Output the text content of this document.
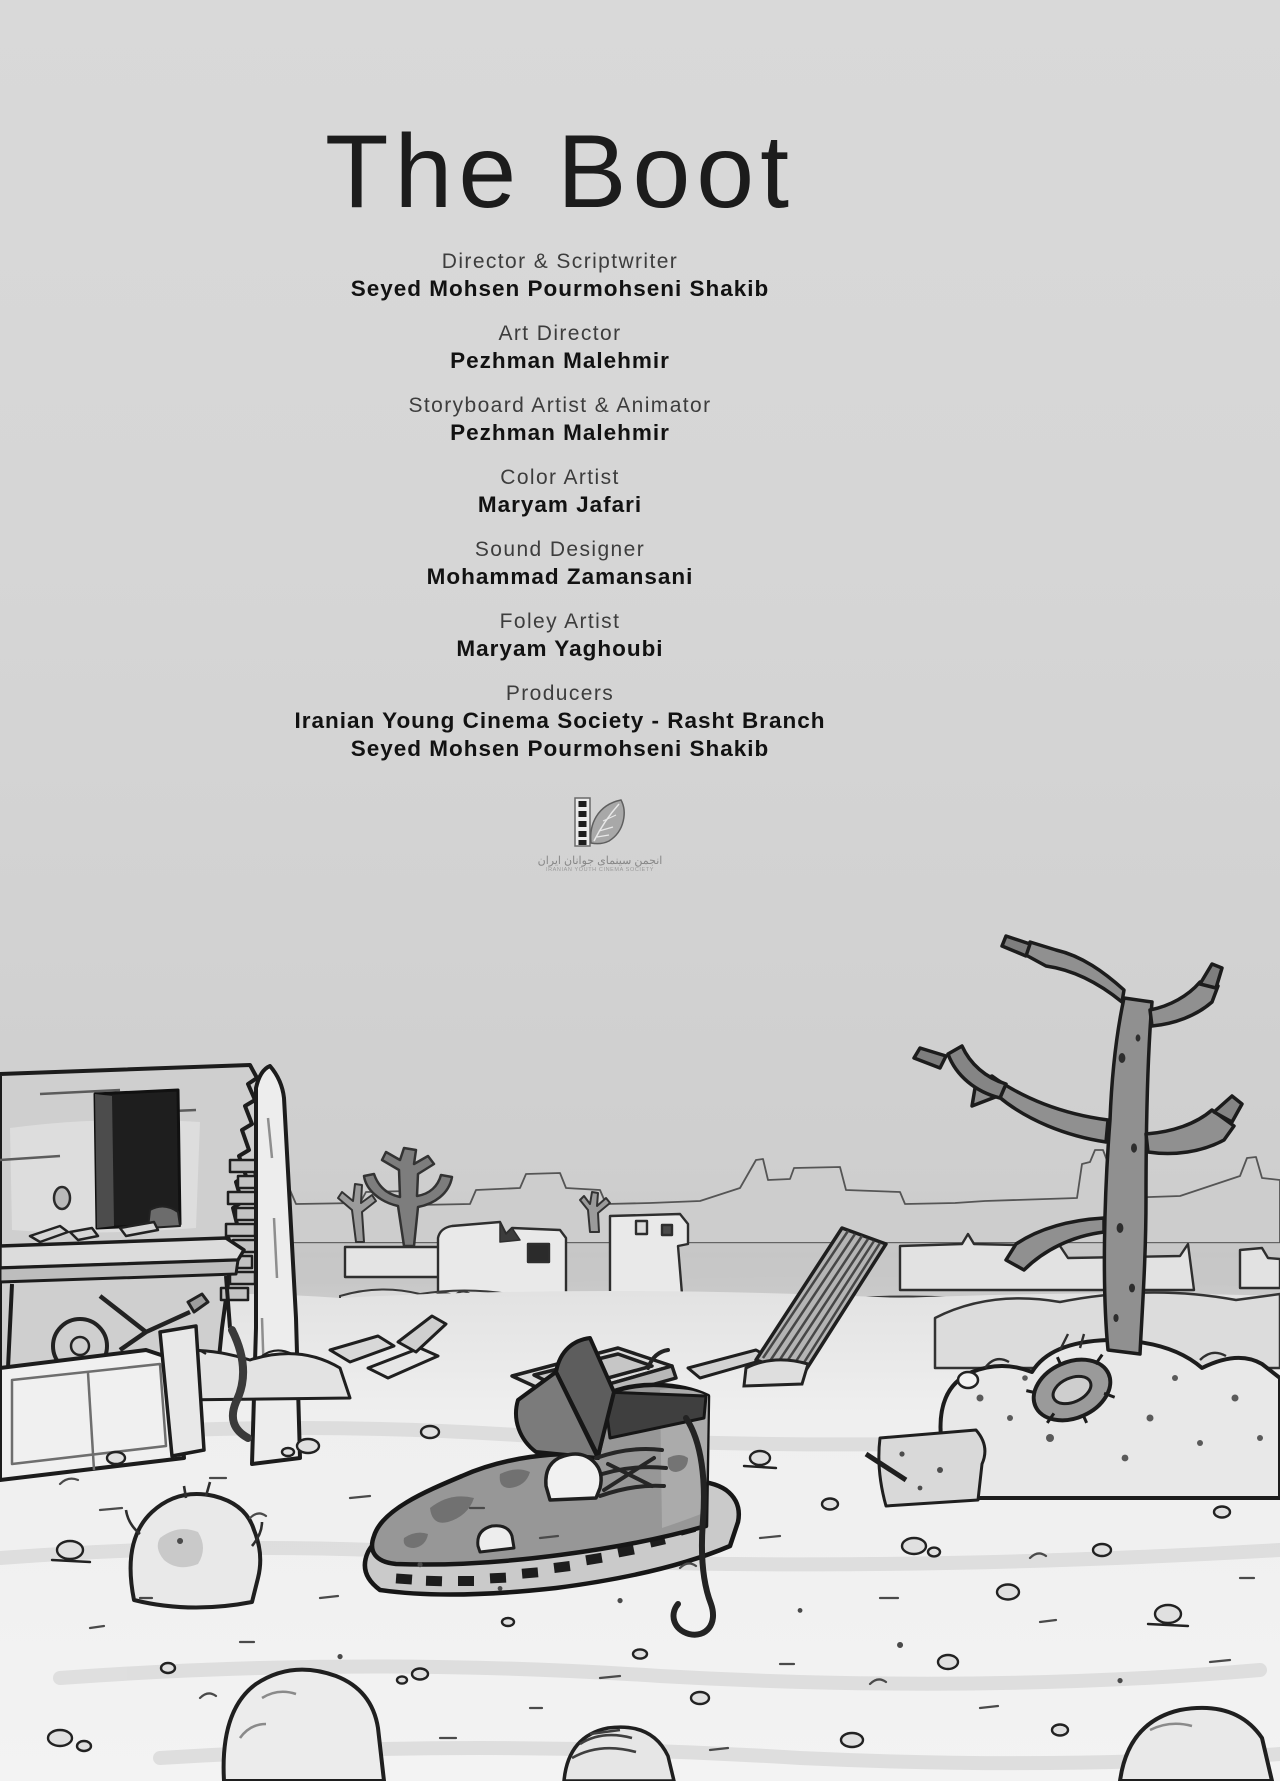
The Boot
Director & Scriptwriter
Seyed Mohsen Pourmohseni Shakib
Art Director
Pezhman Malehmir
Storyboard Artist & Animator
Pezhman Malehmir
Color Artist
Maryam Jafari
Sound Designer
Mohammad Zamansani
Foley Artist
Maryam Yaghoubi
Producers
Iranian Young Cinema Society - Rasht Branch
Seyed Mohsen Pourmohseni Shakib
انجمن سینمای جوانان ایران
IRANIAN YOUTH CINEMA SOCIETY
